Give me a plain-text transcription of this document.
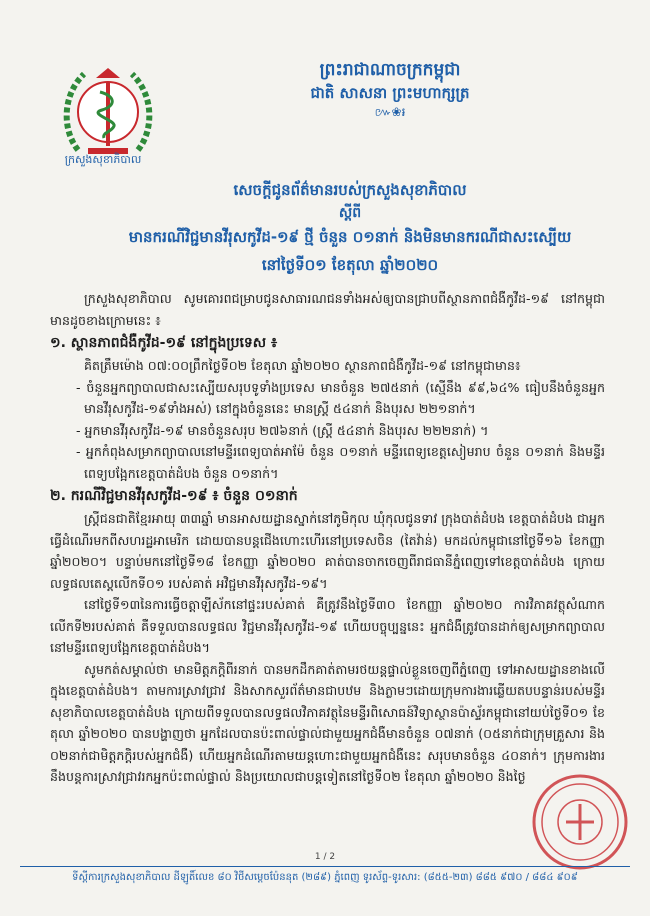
ក្រសួងសុខាភិបាល
ព្រះរាជាណាចក្រកម្ពុជា
ជាតិ សាសនា ព្រះមហាក្សត្រ
៚❀៛
សេចក្តីជូនព័ត៌មានរបស់ក្រសួងសុខាភិបាល
ស្តីពី
មានករណីវិជ្ជមានវីរុសកូវីដ-១៩ ថ្មី ចំនួន ០១នាក់ និងមិនមានករណីជាសះស្បើយ
នៅថ្ងៃទី០១ ខែតុលា ឆ្នាំ២០២០

ក្រសួងសុខាភិបាល សូមគោរពជម្រាបជូនសាធារណជនទាំងអស់ឲ្យបានជ្រាបពីស្ថានភាពជំងឺកូវីដ-១៩ នៅកម្ពុជា មានដូចខាងក្រោមនេះ ៖

១. ស្ថានភាពជំងឺកូវីដ-១៩ នៅក្នុងប្រទេស ៖

គិតត្រឹមម៉ោង ០៧:០០ព្រឹកថ្ងៃទី០២ ខែតុលា ឆ្នាំ២០២០ ស្ថានភាពជំងឺកូវីដ-១៩ នៅកម្ពុជាមាន៖

- ចំនួនអ្នកព្យាបាលជាសះស្បើយសរុបទូទាំងប្រទេស មានចំនួន ២៧៥នាក់ (ស្មើនឹង ៩៩,៦៤% ធៀបនឹងចំនួនអ្នកមានវីរុសកូវីដ-១៩ទាំងអស់) នៅក្នុងចំនួននេះ មានស្ត្រី ៥៤នាក់ និងបុរស ២២១នាក់។

- អ្នកមានវីរុសកូវីដ-១៩ មានចំនួនសរុប ២៧៦នាក់ (ស្ត្រី ៥៤នាក់ និងបុរស ២២២នាក់) ។

- អ្នកកំពុងសម្រាកព្យាបាលនៅមន្ទីរពេទ្យបាត់អាម៉ែ ចំនួន ០១នាក់ មន្ទីរពេទ្យខេត្តសៀមរាប ចំនួន ០១នាក់ និងមន្ទីរពេទ្យបង្អែកខេត្តបាត់ដំបង ចំនួន ០១នាក់។

២. ករណីវិជ្ជមានវីរុសកូវីដ-១៩ ៖ ចំនួន ០១នាក់

ស្ត្រីជនជាតិខ្មែរអាយុ ៣៣ឆ្នាំ មានអាសយដ្ឋានស្នាក់នៅភូមិកុល ឃុំកុលជូនទាវ ក្រុងបាត់ដំបង ខេត្តបាត់ដំបង ជាអ្នកធ្វើដំណើរមកពីសហរដ្ឋអាមេរិក ដោយបានបន្តជើងហោះហើរនៅប្រទេសចិន (តៃវ៉ាន់) មកដល់កម្ពុជានៅថ្ងៃទី១៦ ខែកញ្ញា ឆ្នាំ២០២០។ បន្ទាប់មកនៅថ្ងៃទី១៨ ខែកញ្ញា ឆ្នាំ២០២០ គាត់បានចាកចេញពីរាជធានីភ្នំពេញទៅខេត្តបាត់ដំបង ក្រោយលទ្ធផលតេស្តលើកទី០១ របស់គាត់ អវិជ្ជមានវីរុសកូវីដ-១៩។

នៅថ្ងៃទី១៣នៃការធ្វើចត្តាឡីស័កនៅផ្ទះរបស់គាត់ គឺត្រូវនឹងថ្ងៃទី៣០ ខែកញ្ញា ឆ្នាំ២០២០ ការវិភាគវត្ថុសំណាកលើកទី២របស់គាត់ គឺទទួលបានលទ្ធផល វិជ្ជមានវីរុសកូវីដ-១៩ ហើយបច្ចុប្បន្ននេះ អ្នកជំងឺត្រូវបានដាក់ឲ្យសម្រាកព្យាបាលនៅមន្ទីរពេទ្យបង្អែកខេត្តបាត់ដំបង។

សូមកត់សម្គាល់ថា មានមិត្តភក្តិពីរនាក់ បានមកដឹកគាត់តាមរថយន្តផ្ទាល់ខ្លួនចេញពីភ្នំពេញ ទៅអាសយដ្ឋានខាងលើក្នុងខេត្តបាត់ដំបង។ តាមការស្រាវជ្រាវ និងសាកសួរព័ត៌មានជាបឋម និងភ្លាមៗដោយក្រុមការងារឆ្លើយតបបន្ទាន់របស់មន្ទីរសុខាភិបាលខេត្តបាត់ដំបង ក្រោយពីទទួលបានលទ្ធផលវិភាគវត្ថុនៃមន្ទីរពិសោធន៍វិទ្យាស្ថានប៉ាស្ទ័រកម្ពុជានៅយប់ថ្ងៃទី០១ ខែតុលា ឆ្នាំ២០២០ បានបង្ហាញថា អ្នកដែលបានប៉ះពាល់ផ្ទាល់ជាមួយអ្នកជំងឺមានចំនួន ០៧នាក់ (០៥នាក់ជាក្រុមគ្រួសារ និង ០២នាក់ជាមិត្តភក្តិរបស់អ្នកជំងឺ) ហើយអ្នកដំណើរតាមយន្តហោះជាមួយអ្នកជំងឺនេះ សរុបមានចំនួន ៤០នាក់។ ក្រុមការងារនឹងបន្តការស្រាវជ្រាវរកអ្នកប៉ះពាល់ផ្ទាល់ និងប្រយោលជាបន្តទៀតនៅថ្ងៃទី០២ ខែតុលា ឆ្នាំ២០២០ និងថ្ងៃ

1 / 2
ទីស្តីការក្រសួងសុខាភិបាល ដីឡូតិ៍លេខ ៨០ វិថីសម្តេចប៉ែននុត (២៨៩) ភ្នំពេញ ទូរស័ព្ទ-ទូរសារ: (៨៥៥-២៣) ៨៨៥ ៩៧០ / ៨៨៤ ៩០៩
